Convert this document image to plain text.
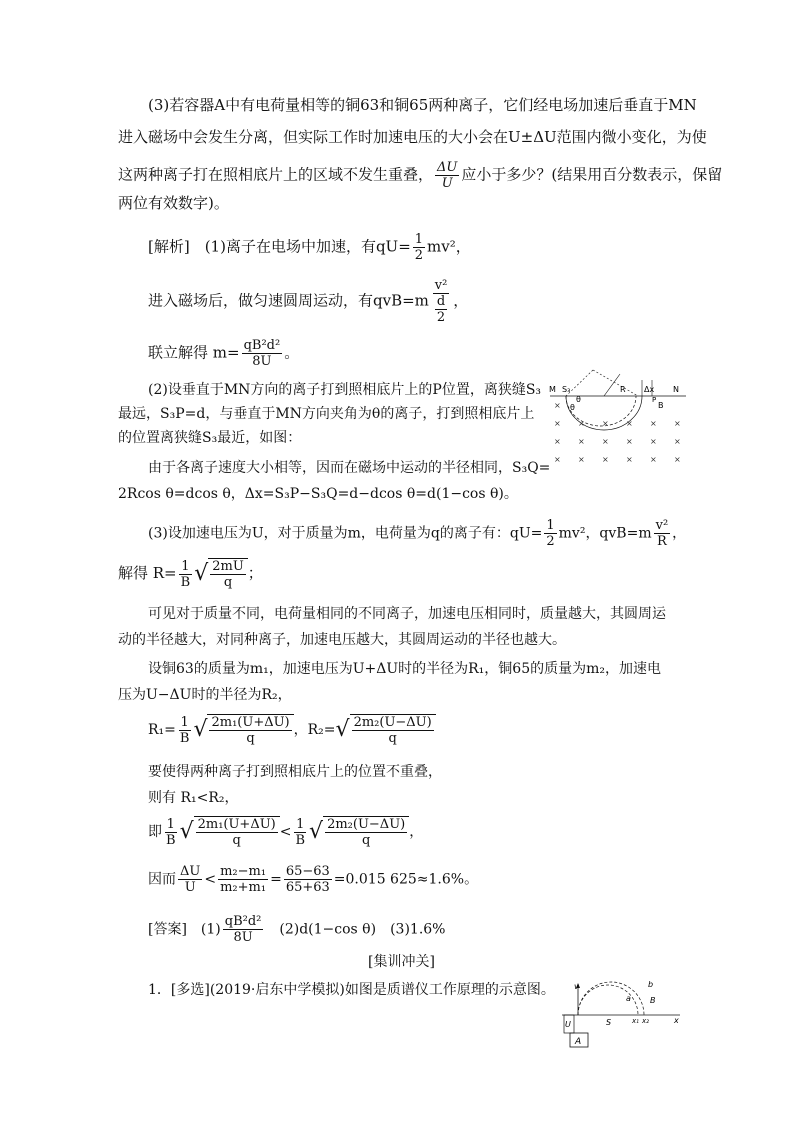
(3)若容器A中有电荷量相等的铜63和铜65两种离子，它们经电场加速后垂直于MN
进入磁场中会发生分离，但实际工作时加速电压的大小会在U±ΔU范围内微小变化，为使
这两种离子打在照相底片上的区域不发生重叠， $\frac{\Delta U}{U}$ 应小于多少？(结果用百分数表示，保留
两位有效数字)。
[解析]　(1)离子在电场中加速，有$qU= \frac{1}{2} mv^2$，
进入磁场后，做匀速圆周运动，有$qvB=m \frac{\text{v²}}{\frac{d}{2}}$ ，
联立解得 $m= \frac{\text{qB²d²}}{8U}$ 。
(2)设垂直于MN方向的离子打到照相底片上的P位置，离狭缝S₃
最远，S₃P=d，与垂直于MN方向夹角为θ的离子，打到照相底片上
的位置离狭缝S₃最近，如图：
由于各离子速度大小相等，因而在磁场中运动的半径相同，S₃Q=
2Rcos θ=dcos θ，Δx=S₃P−S₃Q=d−dcos θ=d(1−cos θ)。
(3)设加速电压为U，对于质量为m，电荷量为q的离子有：$qU= \frac{1}{2} mv^2$，$qvB=m \frac{\text{v²}}{R}$ ，
解得 $R= \frac{1}{B}$ √ $\frac{2mU}{q}$ ；
可见对于质量不同，电荷量相同的不同离子，加速电压相同时，质量越大，其圆周运
动的半径越大，对同种离子，加速电压越大，其圆周运动的半径也越大。
设铜63的质量为m₁，加速电压为U+ΔU时的半径为R₁，铜65的质量为m₂，加速电
压为U−ΔU时的半径为R₂，
$R_1= \frac{1}{B}$ √ $\frac{\text{2m₁(U+ΔU)}}{q}$ ，R₂= √ $\frac{\text{2m₂(U−ΔU)}}{q}$
要使得两种离子打到照相底片上的位置不重叠，
则有 R₁<R₂，
即 $\frac{1}{B}$ √ $\frac{\text{2m₁(U+ΔU)}}{q} < \frac{1}{B}$ √ $\frac{\text{2m₂(U−ΔU)}}{q}$ ，
因而 $\frac{\Delta U}{U} < \frac{\text{m₂−m₁}}{\text{m₂+m₁}} = \frac{65-63}{65+63} =0.015$ 625≈1.6%。
[答案]　$(1) \frac{\text{qB²d²}}{8U}$ 　(2)d(1−cos θ)　(3)1.6%
[集训冲关]
1．[多选](2019·启东中学模拟)如图是质谱仪工作原理的示意图。
M S₃
θ
θ
R Δx N
B
P
×
×
×
×
×
×
×
×
×
×
×
×
×
×
×
×
×
×
×
v
a
b
B
U	S	x₁ x₂	x
A
